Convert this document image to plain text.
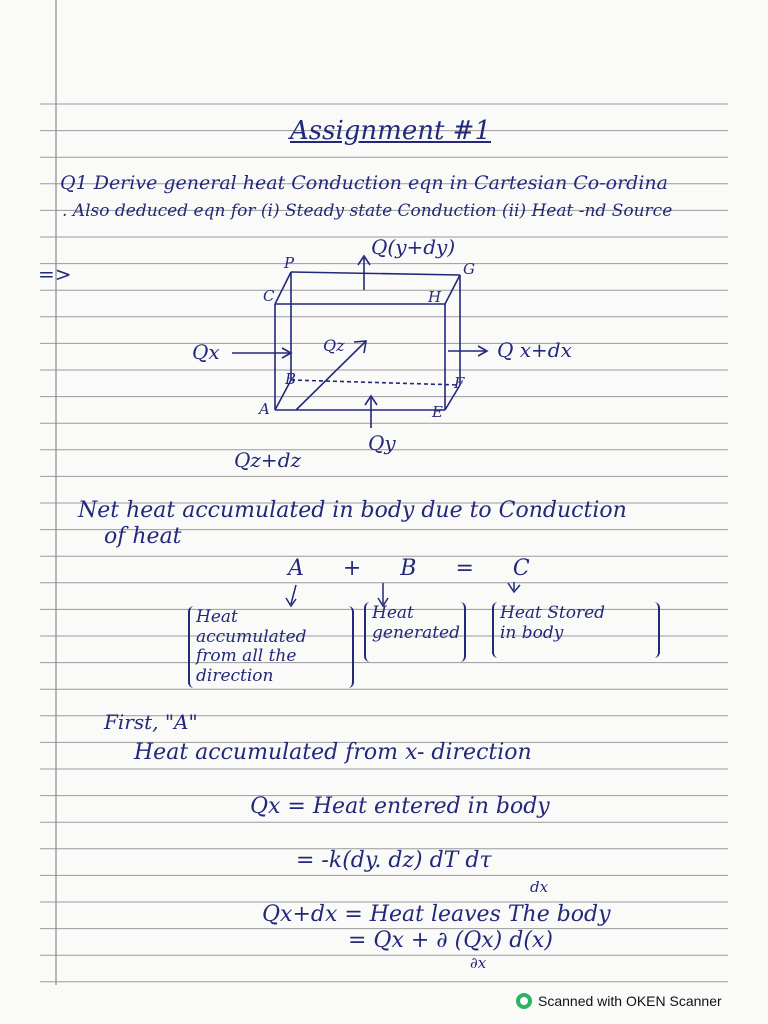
Assignment #1
Q1 Derive general heat Conduction eqn in Cartesian Co-ordina
. Also deduced eqn for (i) Steady state Conduction (ii) Heat -nd Source
=>	P
C
G
H
A
B
E
F
Q(y+dy)
Qx	Qz	Q x+dx
Qz+dz
Qy
Net heat accumulated in body due to Conduction
of heat
A + B = C
Heat accumulated
from all the
direction
Heat
generated
Heat Stored
in body
First, "A"
Heat accumulated from x- direction
Qx = Heat entered in body
= -k(dy. dz) dT dτ
dx
Qx+dx = Heat leaves The body
= Qx + ∂ (Qx) d(x)
∂x
Scanned with OKEN Scanner
